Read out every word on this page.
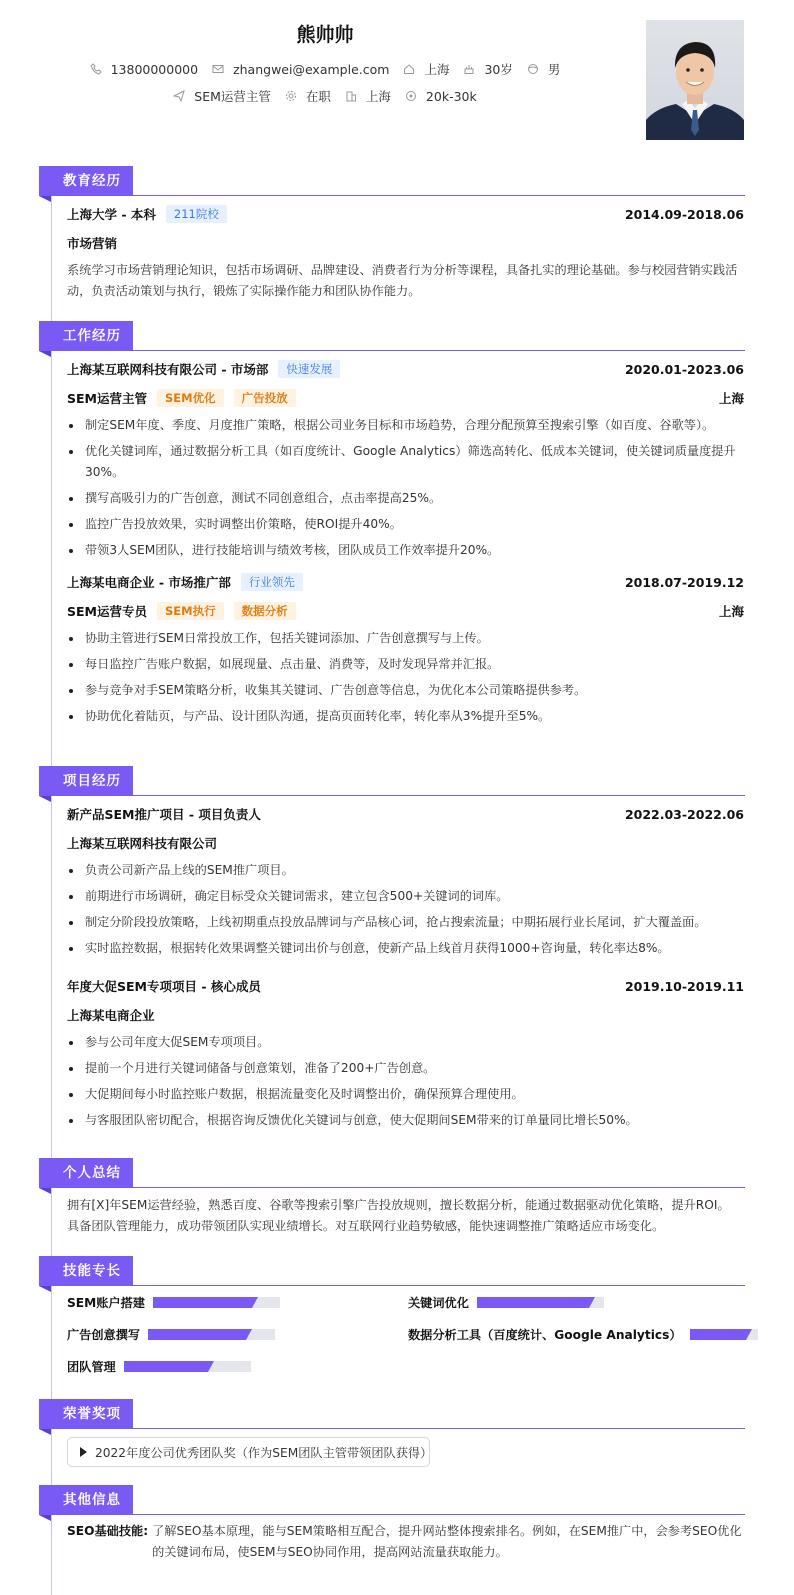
熊帅帅
13800000000	zhangwei@example.com	上海	30岁	男
SEM运营主管	在职	上海	20k-30k
教育经历
上海大学 - 本科	211院校	2014.09-2018.06
市场营销
系统学习市场营销理论知识，包括市场调研、品牌建设、消费者行为分析等课程，具备扎实的理论基础。参与校园营销实践活动，负责活动策划与执行，锻炼了实际操作能力和团队协作能力。
工作经历
上海某互联网科技有限公司 - 市场部	快速发展	2020.01-2023.06
SEM运营主管	SEM优化	广告投放	上海
制定SEM年度、季度、月度推广策略，根据公司业务目标和市场趋势，合理分配预算至搜索引擎（如百度、谷歌等）。
优化关键词库，通过数据分析工具（如百度统计、Google Analytics）筛选高转化、低成本关键词，使关键词质量度提升30%。
撰写高吸引力的广告创意，测试不同创意组合，点击率提高25%。
监控广告投放效果，实时调整出价策略，使ROI提升40%。
带领3人SEM团队，进行技能培训与绩效考核，团队成员工作效率提升20%。
上海某电商企业 - 市场推广部	行业领先	2018.07-2019.12
SEM运营专员	SEM执行	数据分析	上海
协助主管进行SEM日常投放工作，包括关键词添加、广告创意撰写与上传。
每日监控广告账户数据，如展现量、点击量、消费等，及时发现异常并汇报。
参与竞争对手SEM策略分析，收集其关键词、广告创意等信息，为优化本公司策略提供参考。
协助优化着陆页，与产品、设计团队沟通，提高页面转化率，转化率从3%提升至5%。
项目经历
新产品SEM推广项目 - 项目负责人	2022.03-2022.06
上海某互联网科技有限公司
负责公司新产品上线的SEM推广项目。
前期进行市场调研，确定目标受众关键词需求，建立包含500+关键词的词库。
制定分阶段投放策略，上线初期重点投放品牌词与产品核心词，抢占搜索流量；中期拓展行业长尾词，扩大覆盖面。
实时监控数据，根据转化效果调整关键词出价与创意，使新产品上线首月获得1000+咨询量，转化率达8%。
年度大促SEM专项项目 - 核心成员	2019.10-2019.11
上海某电商企业
参与公司年度大促SEM专项项目。
提前一个月进行关键词储备与创意策划，准备了200+广告创意。
大促期间每小时监控账户数据，根据流量变化及时调整出价，确保预算合理使用。
与客服团队密切配合，根据咨询反馈优化关键词与创意，使大促期间SEM带来的订单量同比增长50%。
个人总结
拥有[X]年SEM运营经验，熟悉百度、谷歌等搜索引擎广告投放规则，擅长数据分析，能通过数据驱动优化策略，提升ROI。具备团队管理能力，成功带领团队实现业绩增长。对互联网行业趋势敏感，能快速调整推广策略适应市场变化。
技能专长
SEM账户搭建	关键词优化
广告创意撰写	数据分析工具（百度统计、Google Analytics）
团队管理
荣誉奖项
2022年度公司优秀团队奖（作为SEM团队主管带领团队获得）
其他信息
SEO基础技能: 了解SEO基本原理，能与SEM策略相互配合，提升网站整体搜索排名。例如，在SEM推广中，会参考SEO优化的关键词布局，使SEM与SEO协同作用，提高网站流量获取能力。
